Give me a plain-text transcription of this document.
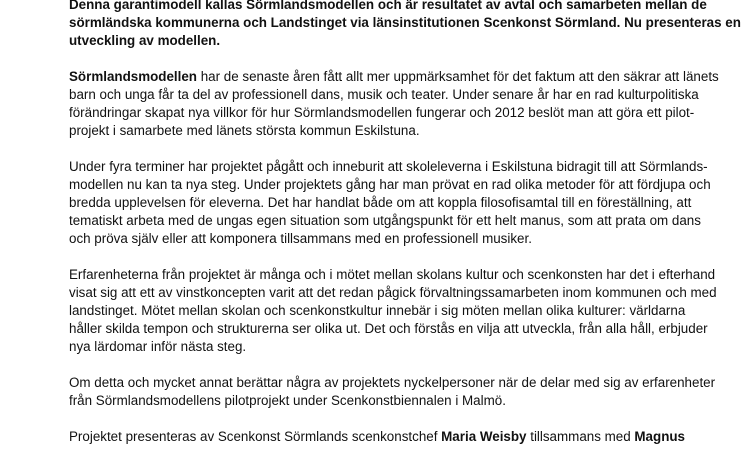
Denna garantimodell kallas Sörmlandsmodellen och är resultatet av avtal och samarbeten mellan de
sörmländska kommunerna och Landstinget via länsinstitutionen Scenkonst Sörmland. Nu presenteras en
utveckling av modellen.

Sörmlandsmodellen har de senaste åren fått allt mer uppmärksamhet för det faktum att den säkrar att länets
barn och unga får ta del av professionell dans, musik och teater. Under senare år har en rad kulturpolitiska
förändringar skapat nya villkor för hur Sörmlandsmodellen fungerar och 2012 beslöt man att göra ett pilot-
projekt i samarbete med länets största kommun Eskilstuna.

Under fyra terminer har projektet pågått och inneburit att skoleleverna i Eskilstuna bidragit till att Sörmlands-
modellen nu kan ta nya steg. Under projektets gång har man prövat en rad olika metoder för att fördjupa och
bredda upplevelsen för eleverna. Det har handlat både om att koppla filosofisamtal till en föreställning, att
tematiskt arbeta med de ungas egen situation som utgångspunkt för ett helt manus, som att prata om dans
och pröva själv eller att komponera tillsammans med en professionell musiker.

Erfarenheterna från projektet är många och i mötet mellan skolans kultur och scenkonsten har det i efterhand
visat sig att ett av vinstkoncepten varit att det redan pågick förvaltningssamarbeten inom kommunen och med
landstinget. Mötet mellan skolan och scenkonstkultur innebär i sig möten mellan olika kulturer: världarna
håller skilda tempon och strukturerna ser olika ut. Det och förstås en vilja att utveckla, från alla håll, erbjuder
nya lärdomar inför nästa steg.

Om detta och mycket annat berättar några av projektets nyckelpersoner när de delar med sig av erfarenheter
från Sörmlandsmodellens pilotprojekt under Scenkonstbiennalen i Malmö.

Projektet presenteras av Scenkonst Sörmlands scenkonstchef Maria Weisby tillsammans med Magnus
